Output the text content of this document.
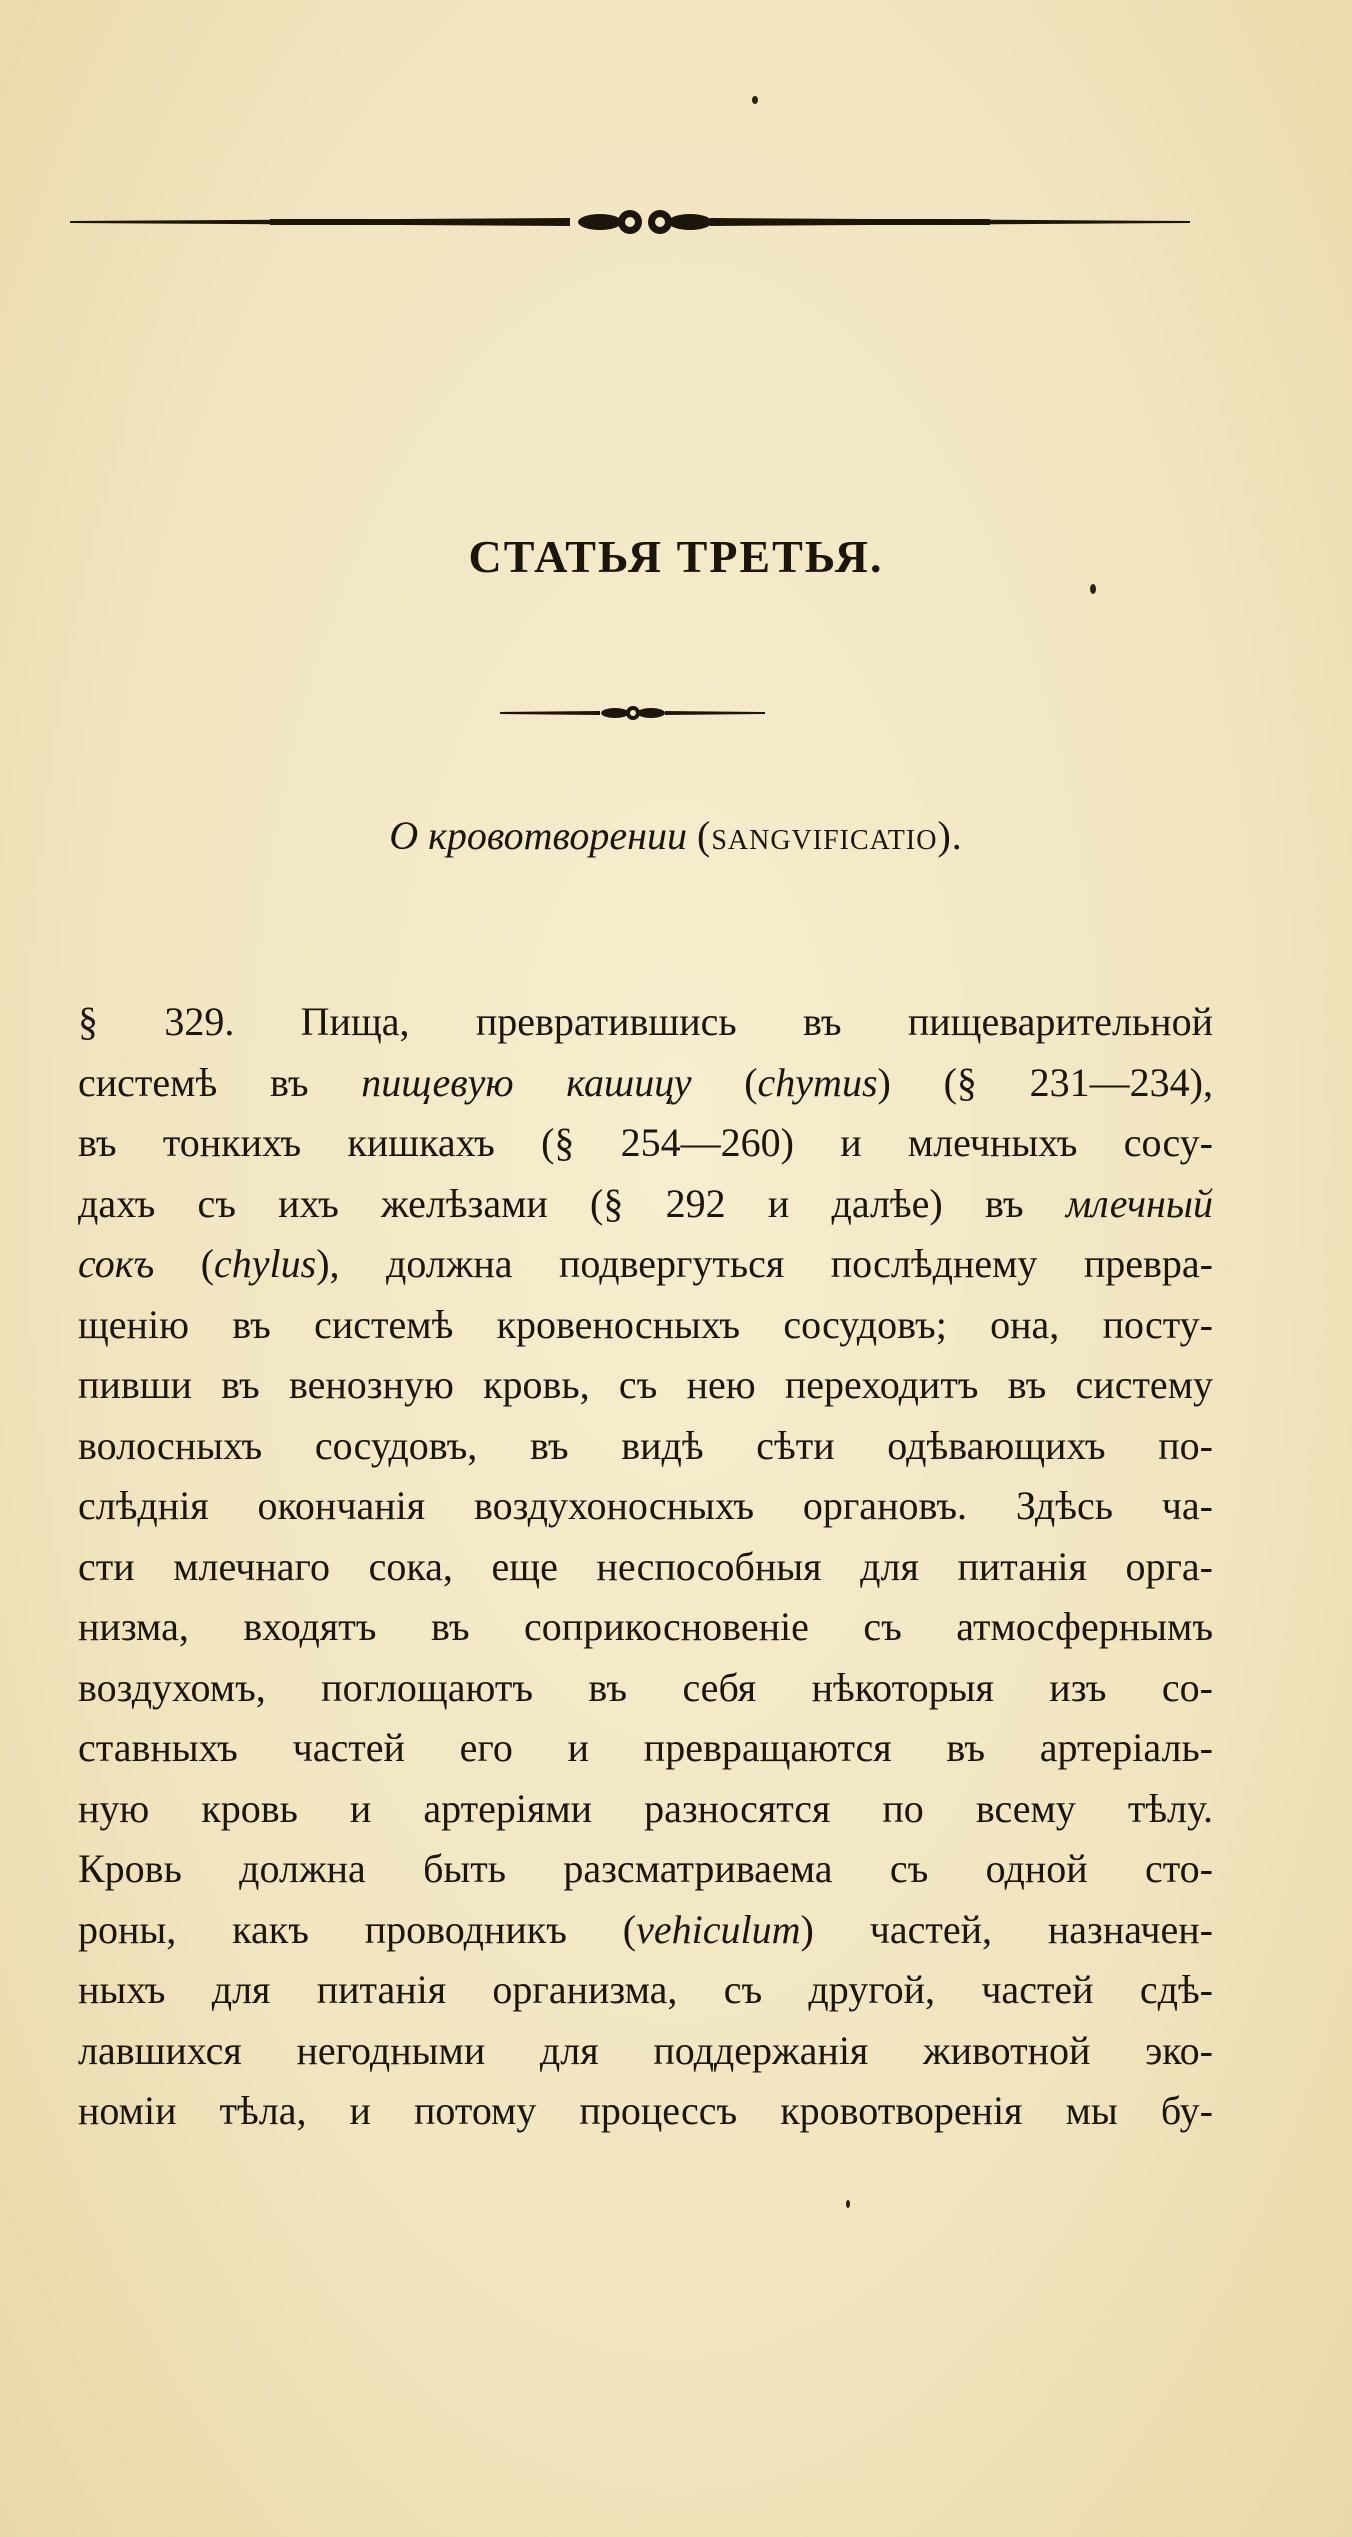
СТАТЬЯ ТРЕТЬЯ.
О кровотворении (sangvificatio).
§ 329. Пища, превратившись въ пищеварительной
системѣ въ пищевую кашицу (chymus) (§ 231—234),
въ тонкихъ кишкахъ (§ 254—260) и млечныхъ сосу-
дахъ съ ихъ желѣзами (§ 292 и далѣе) въ млечный
сокъ (chylus), должна подвергуться послѣднему превра-
щенію въ системѣ кровеносныхъ сосудовъ; она, посту-
пивши въ венозную кровь, съ нею переходитъ въ систему
волосныхъ сосудовъ, въ видѣ сѣти одѣвающихъ по-
слѣднія окончанія воздухоносныхъ органовъ. Здѣсь ча-
сти млечнаго сока, еще неспособныя для питанія орга-
низма, входятъ въ соприкосновеніе съ атмосфернымъ
воздухомъ, поглощаютъ въ себя нѣкоторыя изъ со-
ставныхъ частей его и превращаются въ артеріаль-
ную кровь и артеріями разносятся по всему тѣлу.
Кровь должна быть разсматриваема съ одной сто-
роны, какъ проводникъ (vehiculum) частей, назначен-
ныхъ для питанія организма, съ другой, частей сдѣ-
лавшихся негодными для поддержанія животной эко-
номіи тѣла, и потому процессъ кровотворенія мы бу-
